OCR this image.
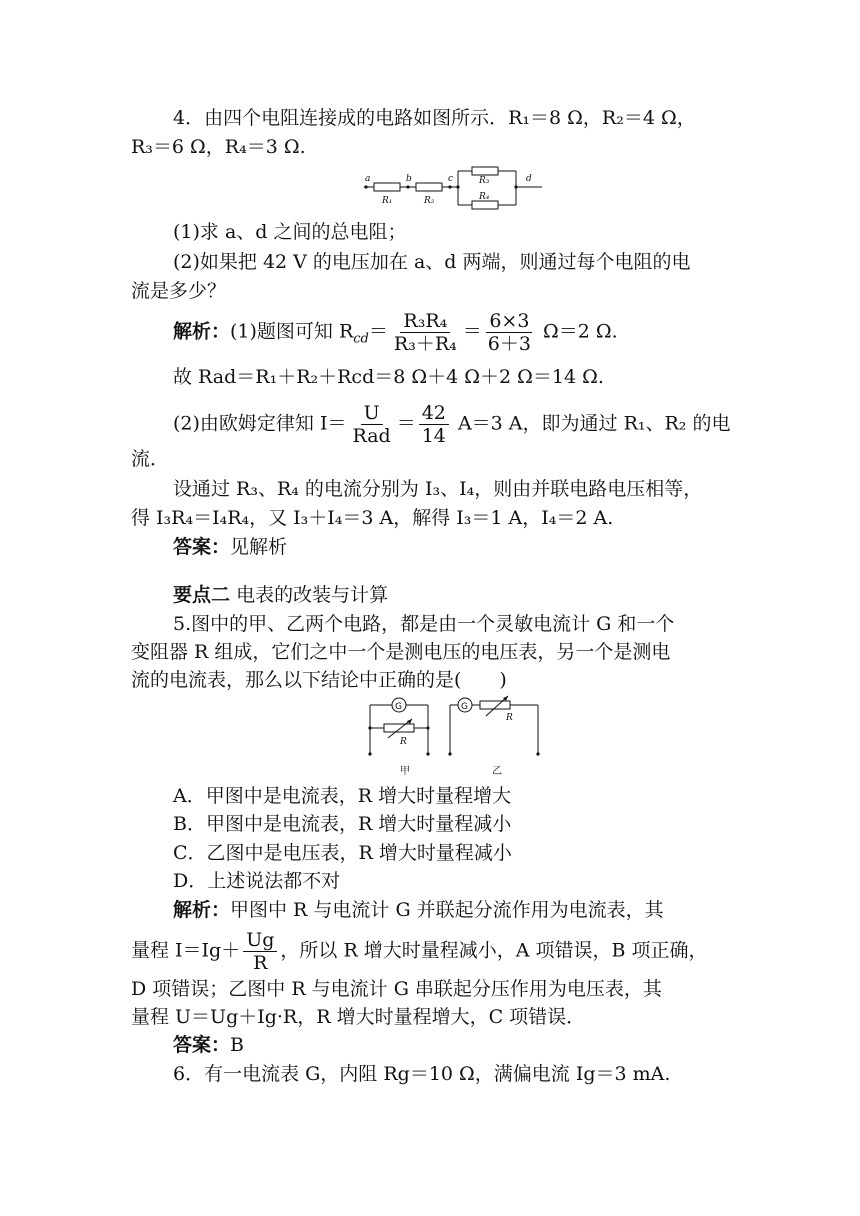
4．由四个电阻连接成的电路如图所示．R₁＝8 Ω，R₂＝4 Ω，
R₃＝6 Ω，R₄＝3 Ω.
a	b	c	d
R₁	R₂
R₃
R₄
(1)求 a、d 之间的总电阻；
(2)如果把 42 V 的电压加在 a、d 两端，则通过每个电阻的电
流是多少？
解析：(1)题图可知 $R_{cd}= \frac{\text{R₃R₄}}{\text{R₃＋R₄}} = \frac{6\times 3}{6+3} \Omega=2$ Ω.
故 Rad＝R₁＋R₂＋Rcd＝8 Ω＋4 Ω＋2 Ω＝14 Ω.
(2)由欧姆定律知 $I= \frac{U}{\text{Rad}} = \frac{42}{14} A=3$ A，即为通过 R₁、R₂ 的电
流．
设通过 R₃、R₄ 的电流分别为 I₃、I₄，则由并联电路电压相等，
得 I₃R₄＝I₄R₄，又 I₃＋I₄＝3 A，解得 I₃＝1 A，I₄＝2 A.
答案：见解析
要点二 电表的改装与计算
5.图中的甲、乙两个电路，都是由一个灵敏电流计 G 和一个
变阻器 R 组成，它们之中一个是测电压的电压表，另一个是测电
流的电流表，那么以下结论中正确的是(　　)
G	G
R
R
甲	乙
A．甲图中是电流表，R 增大时量程增大
B．甲图中是电流表，R 增大时量程减小
C．乙图中是电压表，R 增大时量程减小
D．上述说法都不对
解析：甲图中 R 与电流计 G 并联起分流作用为电流表，其
量程 $I=Ig+ \frac{Ug}{R}$ ，所以 R 增大时量程减小，A 项错误，B 项正确，
D 项错误；乙图中 R 与电流计 G 串联起分压作用为电压表，其
量程 U＝Ug＋Ig·R，R 增大时量程增大，C 项错误．
答案：B
6．有一电流表 G，内阻 Rg＝10 Ω，满偏电流 Ig＝3 mA.
